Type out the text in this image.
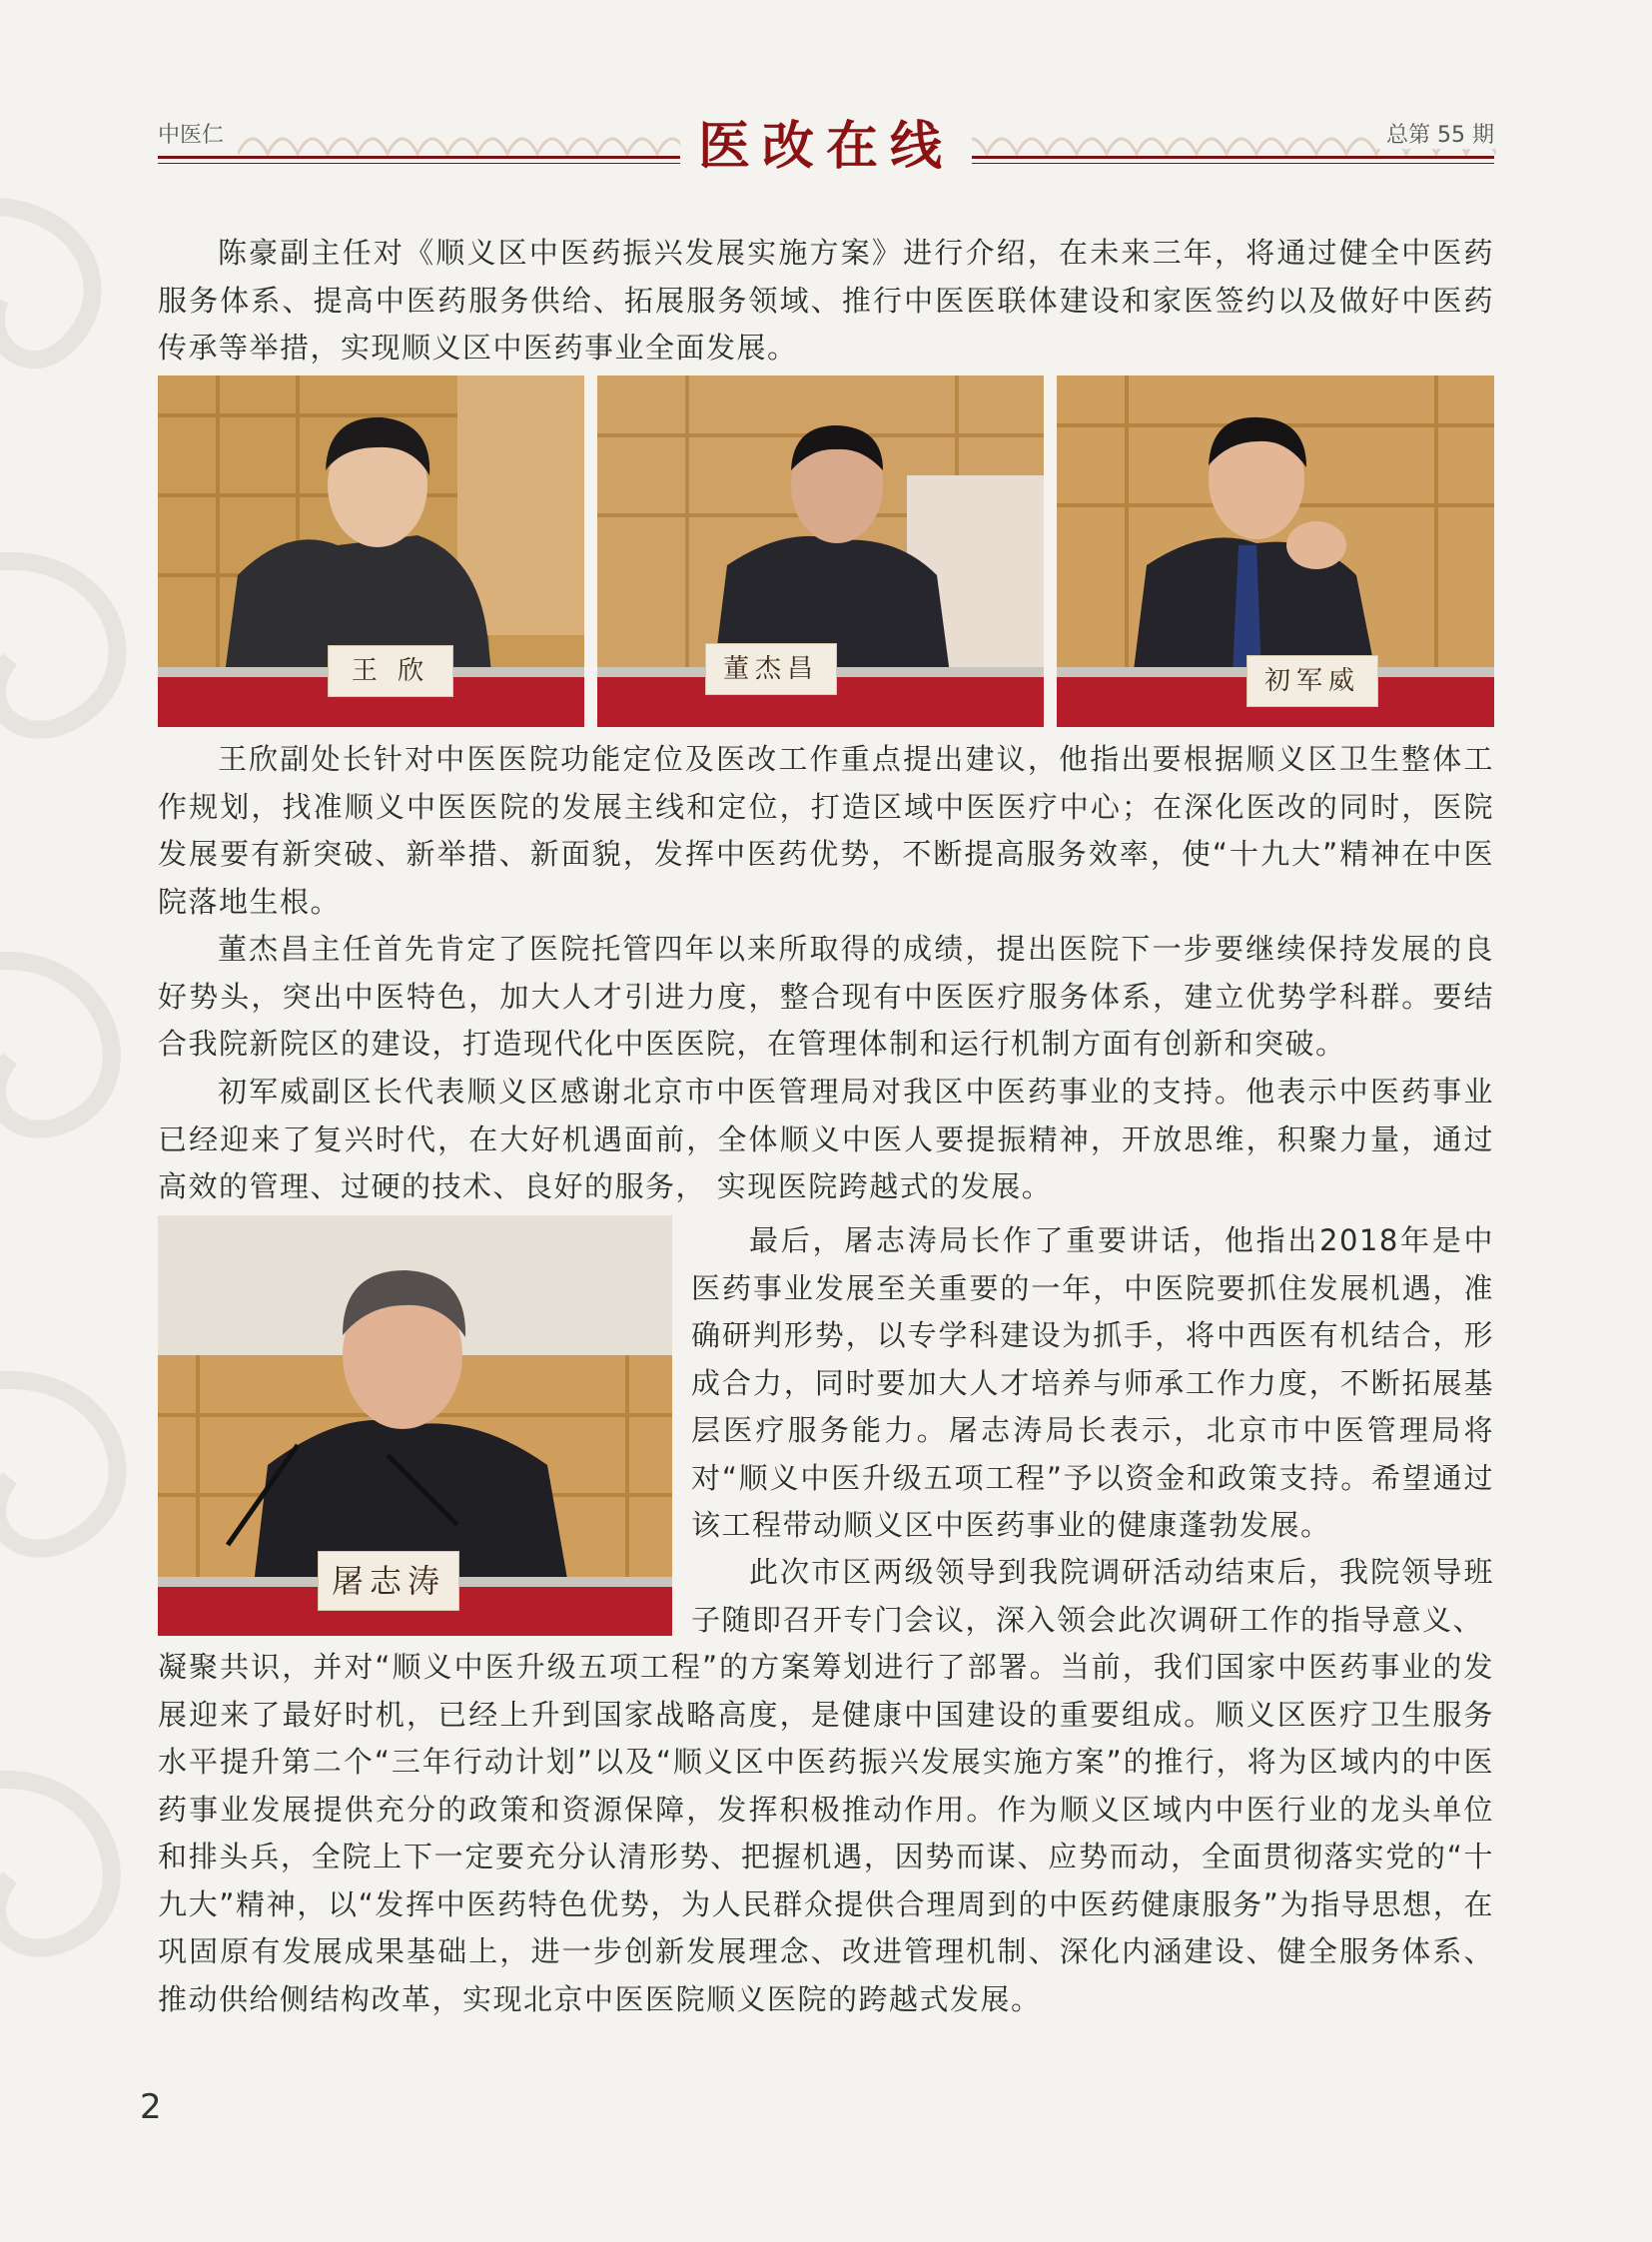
中医仁	医改在线	总第 55 期

陈豪副主任对《顺义区中医药振兴发展实施方案》进行介绍，在未来三年，将通过健全中医药服务体系、提高中医药服务供给、拓展服务领域、推行中医医联体建设和家医签约以及做好中医药传承等举措，实现顺义区中医药事业全面发展。

王 欣	董杰昌	初军威

王欣副处长针对中医医院功能定位及医改工作重点提出建议，他指出要根据顺义区卫生整体工作规划，找准顺义中医医院的发展主线和定位，打造区域中医医疗中心；在深化医改的同时，医院发展要有新突破、新举措、新面貌，发挥中医药优势，不断提高服务效率，使“十九大”精神在中医院落地生根。

董杰昌主任首先肯定了医院托管四年以来所取得的成绩，提出医院下一步要继续保持发展的良好势头，突出中医特色，加大人才引进力度，整合现有中医医疗服务体系，建立优势学科群。要结合我院新院区的建设，打造现代化中医医院，在管理体制和运行机制方面有创新和突破。

初军威副区长代表顺义区感谢北京市中医管理局对我区中医药事业的支持。他表示中医药事业已经迎来了复兴时代，在大好机遇面前，全体顺义中医人要提振精神，开放思维，积聚力量，通过高效的管理、过硬的技术、良好的服务， 实现医院跨越式的发展。

屠志涛

最后，屠志涛局长作了重要讲话，他指出2018年是中医药事业发展至关重要的一年，中医院要抓住发展机遇，准确研判形势，以专学科建设为抓手，将中西医有机结合，形成合力，同时要加大人才培养与师承工作力度，不断拓展基层医疗服务能力。屠志涛局长表示，北京市中医管理局将对“顺义中医升级五项工程”予以资金和政策支持。希望通过该工程带动顺义区中医药事业的健康蓬勃发展。

此次市区两级领导到我院调研活动结束后，我院领导班子随即召开专门会议，深入领会此次调研工作的指导意义、

凝聚共识，并对“顺义中医升级五项工程”的方案筹划进行了部署。当前，我们国家中医药事业的发展迎来了最好时机，已经上升到国家战略高度，是健康中国建设的重要组成。顺义区医疗卫生服务水平提升第二个“三年行动计划”以及“顺义区中医药振兴发展实施方案”的推行，将为区域内的中医药事业发展提供充分的政策和资源保障，发挥积极推动作用。作为顺义区域内中医行业的龙头单位和排头兵，全院上下一定要充分认清形势、把握机遇，因势而谋、应势而动，全面贯彻落实党的“十九大”精神，以“发挥中医药特色优势，为人民群众提供合理周到的中医药健康服务”为指导思想，在巩固原有发展成果基础上，进一步创新发展理念、改进管理机制、深化内涵建设、健全服务体系、推动供给侧结构改革，实现北京中医医院顺义医院的跨越式发展。

2
